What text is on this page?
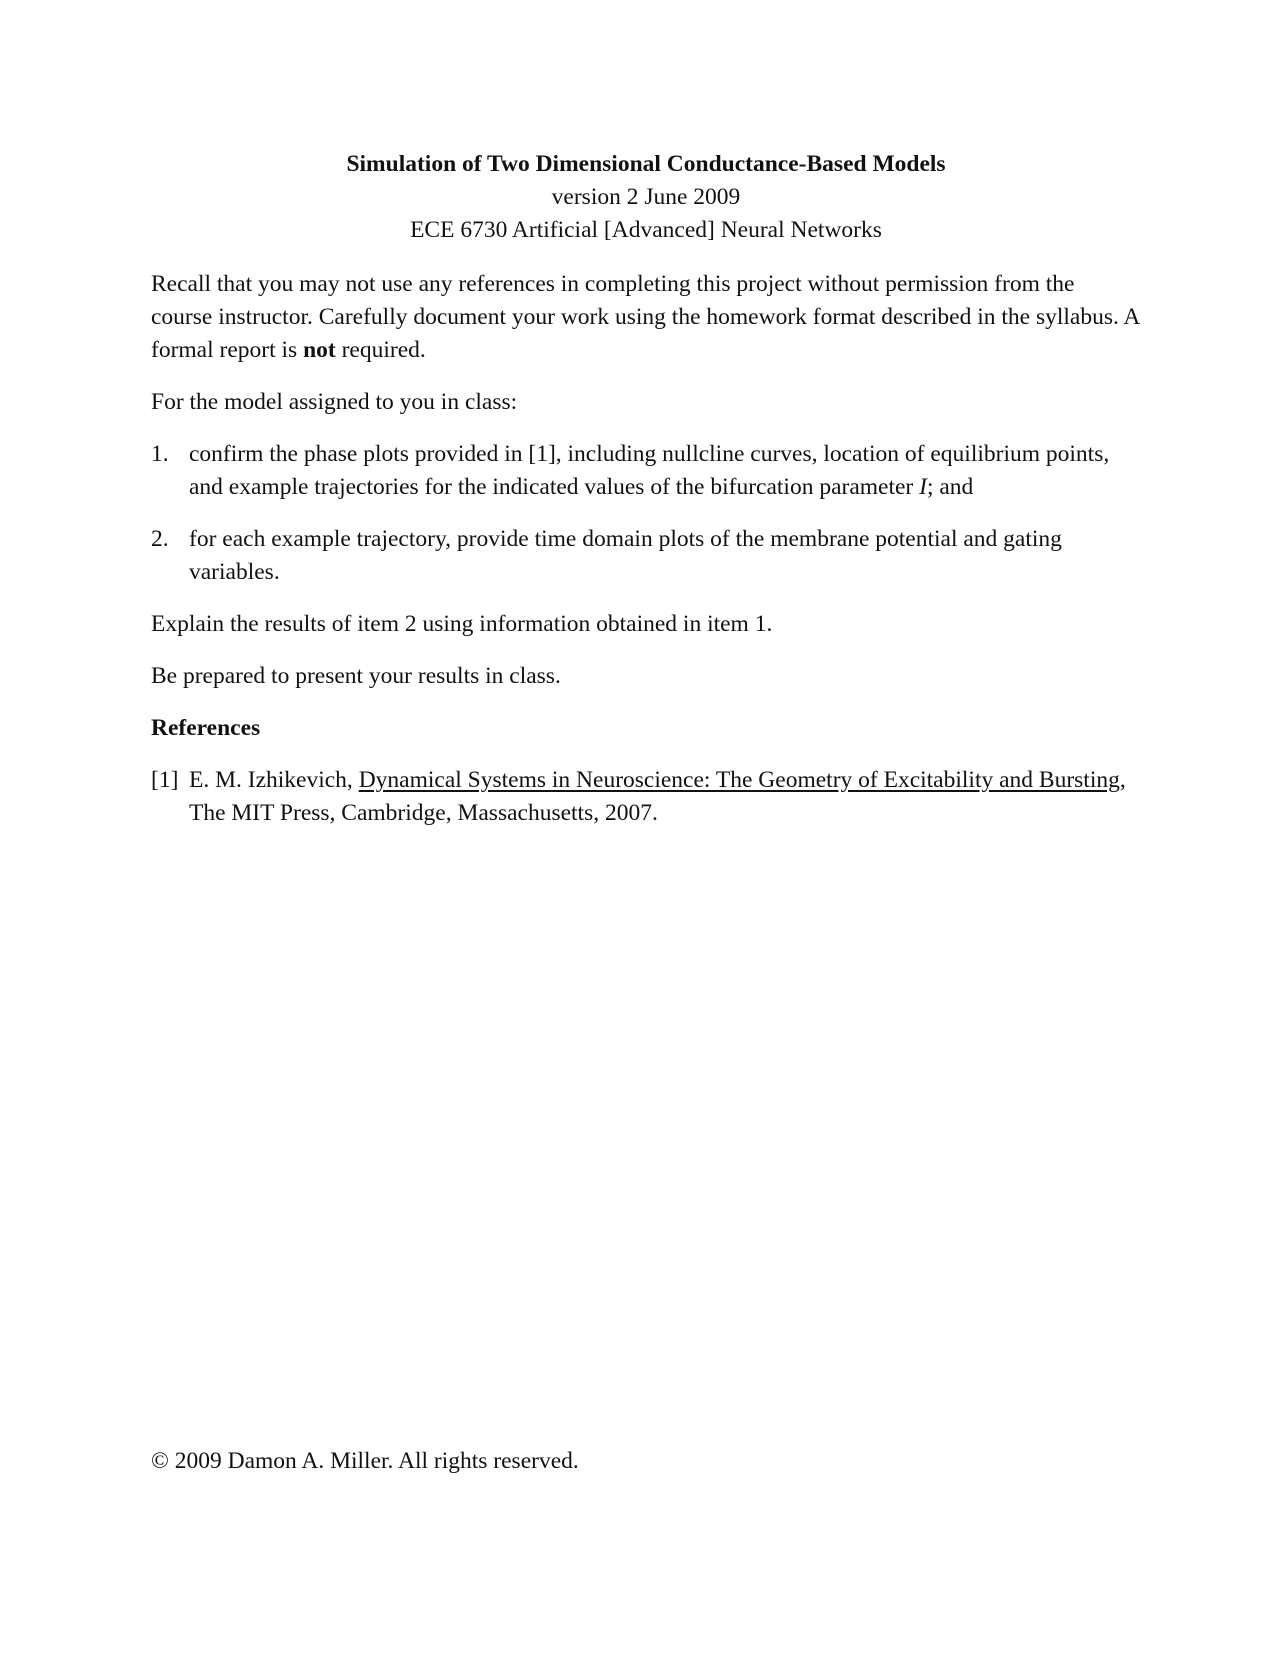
Simulation of Two Dimensional Conductance-Based Models
version 2 June 2009
ECE 6730 Artificial [Advanced] Neural Networks

Recall that you may not use any references in completing this project without permission from the course instructor. Carefully document your work using the homework format described in the syllabus. A formal report is not required.

For the model assigned to you in class:

1. confirm the phase plots provided in [1], including nullcline curves, location of equilibrium points, and example trajectories for the indicated values of the bifurcation parameter I; and
2. for each example trajectory, provide time domain plots of the membrane potential and gating variables.

Explain the results of item 2 using information obtained in item 1.

Be prepared to present your results in class.

References

[1] E. M. Izhikevich, Dynamical Systems in Neuroscience: The Geometry of Excitability and Bursting, The MIT Press, Cambridge, Massachusetts, 2007.
© 2009 Damon A. Miller. All rights reserved.
